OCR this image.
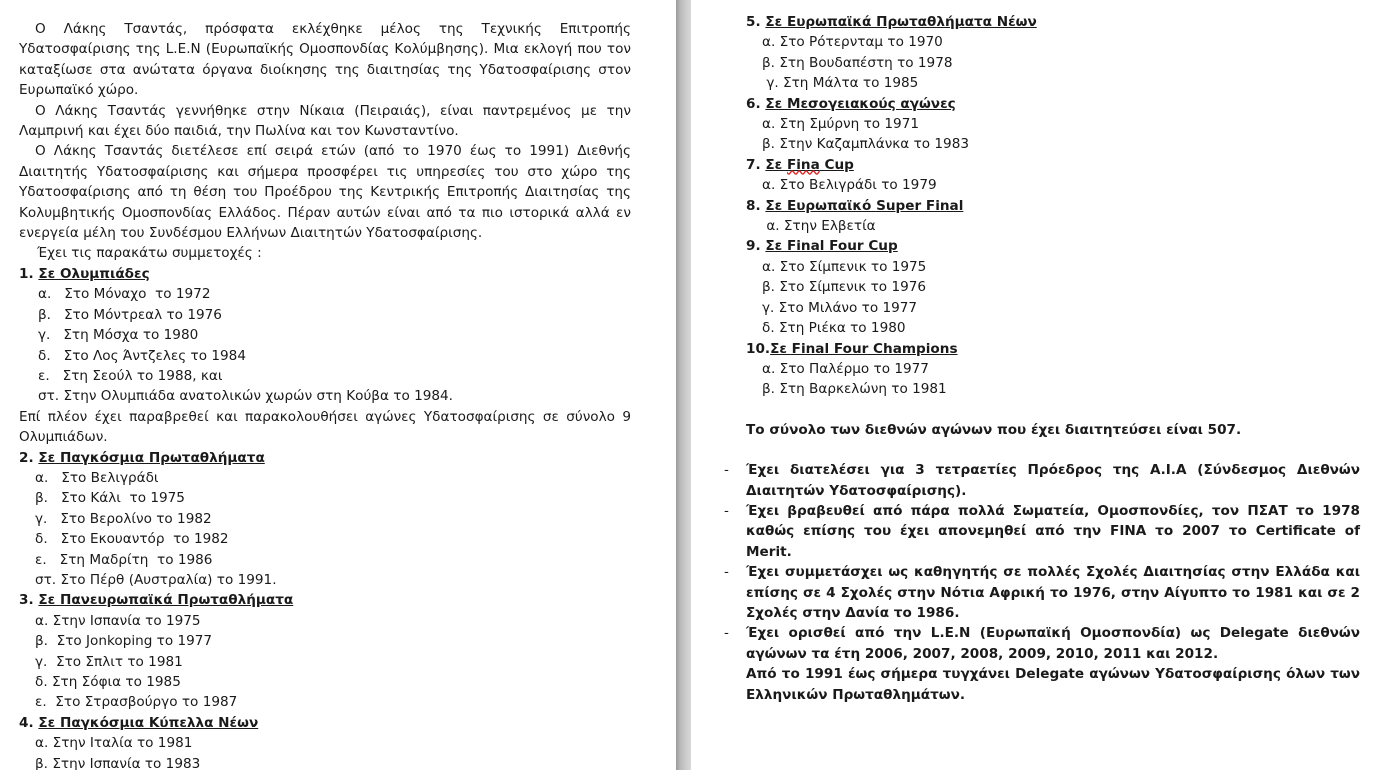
Ο Λάκης Τσαντάς, πρόσφατα εκλέχθηκε μέλος της Τεχνικής Επιτροπής Υδατοσφαίρισης της L.E.N (Ευρωπαϊκής Ομοσπονδίας Κολύμβησης). Μια εκλογή που τον καταξίωσε στα ανώτατα όργανα διοίκησης της διαιτησίας της Υδατοσφαίρισης στον Ευρωπαϊκό χώρο.

Ο Λάκης Τσαντάς γεννήθηκε στην Νίκαια (Πειραιάς), είναι παντρεμένος με την Λαμπρινή και έχει δύο παιδιά, την Πωλίνα και τον Κωνσταντίνο.

Ο Λάκης Τσαντάς διετέλεσε επί σειρά ετών (από το 1970 έως το 1991) Διεθνής Διαιτητής Υδατοσφαίρισης και σήμερα προσφέρει τις υπηρεσίες του στο χώρο της Υδατοσφαίρισης από τη θέση του Προέδρου της Κεντρικής Επιτροπής Διαιτησίας της Κολυμβητικής Ομοσπονδίας Ελλάδος. Πέραν αυτών είναι από τα πιο ιστορικά αλλά εν ενεργεία μέλη του Συνδέσμου Ελλήνων Διαιτητών Υδατοσφαίρισης.

Έχει τις παρακάτω συμμετοχές :

1. Σε Ολυμπιάδες
α.   Στο Μόναχο  το 1972
β.   Στο Μόντρεαλ το 1976
γ.   Στη Μόσχα το 1980
δ.   Στο Λος Άντζελες το 1984
ε.   Στη Σεούλ το 1988, και
στ. Στην Ολυμπιάδα ανατολικών χωρών στη Κούβα το 1984.

Επί πλέον έχει παραβρεθεί και παρακολουθήσει αγώνες Υδατοσφαίρισης σε σύνολο 9 Ολυμπιάδων.

2. Σε Παγκόσμια Πρωταθλήματα
α.   Στο Βελιγράδι
β.   Στο Κάλι  το 1975
γ.   Στο Βερολίνο το 1982
δ.   Στο Εκουαντόρ  το 1982
ε.   Στη Μαδρίτη  το 1986
στ. Στο Πέρθ (Αυστραλία) το 1991.
3. Σε Πανευρωπαϊκά Πρωταθλήματα
α. Στην Ισπανία το 1975
β.  Στο Jonkoping το 1977
γ.  Στο Σπλιτ το 1981
δ. Στη Σόφια το 1985
ε.  Στο Στρασβούργο το 1987
4. Σε Παγκόσμια Κύπελλα Νέων
α. Στην Ιταλία το 1981
β. Στην Ισπανία το 1983
5. Σε Ευρωπαϊκά Πρωταθλήματα Νέων
α. Στο Ρότερνταμ το 1970
β. Στη Βουδαπέστη το 1978
γ. Στη Μάλτα το 1985
6. Σε Μεσογειακούς αγώνες
α. Στη Σμύρνη το 1971
β. Στην Καζαμπλάνκα το 1983
7. Σε Fina Cup
α. Στο Βελιγράδι το 1979
8. Σε Ευρωπαϊκό Super Final
α. Στην Ελβετία
9. Σε Final Four Cup
α. Στο Σίμπενικ το 1975
β. Στο Σίμπενικ το 1976
γ. Στο Μιλάνο το 1977
δ. Στη Ριέκα το 1980
10.Σε Final Four Champions
α. Στο Παλέρμο το 1977
β. Στη Βαρκελώνη το 1981

Το σύνολο των διεθνών αγώνων που έχει διαιτητεύσει είναι 507.

- Έχει διατελέσει για 3 τετραετίες Πρόεδρος της Α.Ι.Α (Σύνδεσμος Διεθνών Διαιτητών Υδατοσφαίρισης).
- Έχει βραβευθεί από πάρα πολλά Σωματεία, Ομοσπονδίες, τον ΠΣΑΤ το 1978 καθώς επίσης του έχει απονεμηθεί από την FINA το 2007 το Certificate of Merit.
- Έχει συμμετάσχει ως καθηγητής σε πολλές Σχολές Διαιτησίας στην Ελλάδα και επίσης σε 4 Σχολές στην Νότια Αφρική το 1976, στην Αίγυπτο το 1981 και σε 2 Σχολές στην Δανία το 1986.
- Έχει ορισθεί από την L.E.N (Ευρωπαϊκή Ομοσπονδία) ως Delegate διεθνών αγώνων τα έτη 2006, 2007, 2008, 2009, 2010, 2011 και 2012.

Από το 1991 έως σήμερα τυγχάνει Delegate αγώνων Υδατοσφαίρισης όλων των Ελληνικών Πρωταθλημάτων.
